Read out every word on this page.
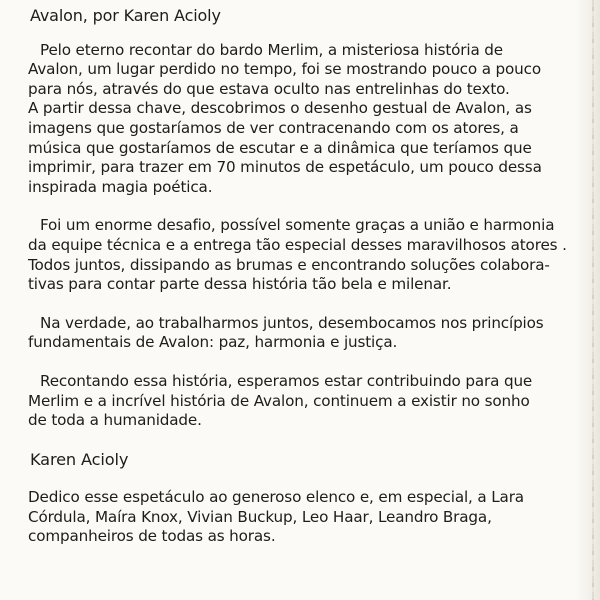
Avalon, por Karen Acioly
Pelo eterno recontar do bardo Merlim, a misteriosa história de
Avalon, um lugar perdido no tempo, foi se mostrando pouco a pouco
para nós, através do que estava oculto nas entrelinhas do texto.
A partir dessa chave, descobrimos o desenho gestual de Avalon, as
imagens que gostaríamos de ver contracenando com os atores, a
música que gostaríamos de escutar e a dinâmica que teríamos que
imprimir, para trazer em 70 minutos de espetáculo, um pouco dessa
inspirada magia poética.
Foi um enorme desafio, possível somente graças a união e harmonia
da equipe técnica e a entrega tão especial desses maravilhosos atores .
Todos juntos, dissipando as brumas e encontrando soluções colabora-
tivas para contar parte dessa história tão bela e milenar.
Na verdade, ao trabalharmos juntos, desembocamos nos princípios
fundamentais de Avalon: paz, harmonia e justiça.
Recontando essa história, esperamos estar contribuindo para que
Merlim e a incrível história de Avalon, continuem a existir no sonho
de toda a humanidade.
Karen Acioly
Dedico esse espetáculo ao generoso elenco e, em especial, a Lara
Córdula, Maíra Knox, Vivian Buckup, Leo Haar, Leandro Braga,
companheiros de todas as horas.
